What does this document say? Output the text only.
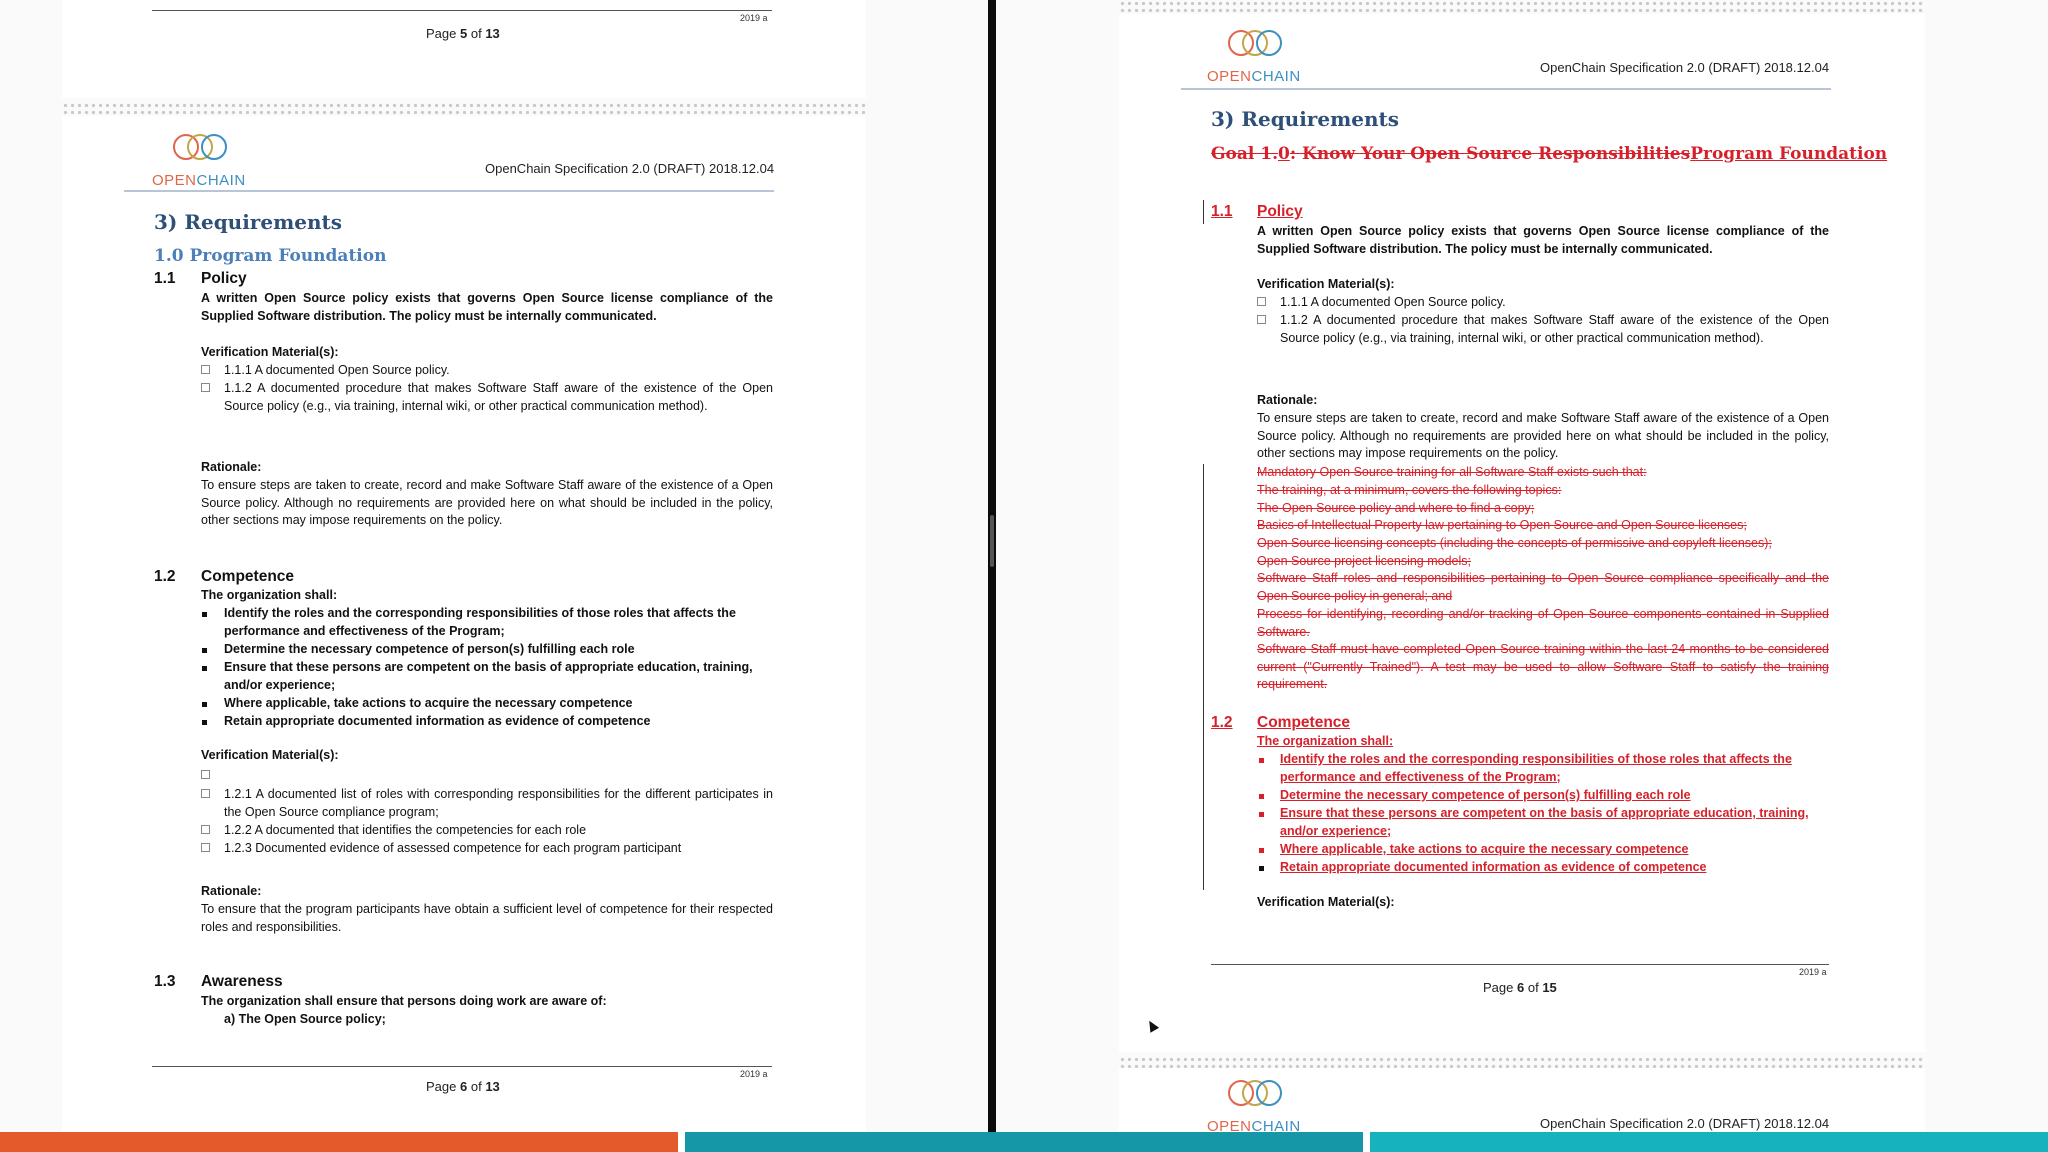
2019 a
Page 5 of 13
OPENCHAIN
OpenChain Specification 2.0 (DRAFT) 2018.12.04
3) Requirements
1.0 Program Foundation
1.1 Policy
A written Open Source policy exists that governs Open Source license compliance of the Supplied Software distribution. The policy must be internally communicated.
Verification Material(s):
1.1.1 A documented Open Source policy.
1.1.2 A documented procedure that makes Software Staff aware of the existence of the Open Source policy (e.g., via training, internal wiki, or other practical communication method).
Rationale:
To ensure steps are taken to create, record and make Software Staff aware of the existence of a Open Source policy. Although no requirements are provided here on what should be included in the policy, other sections may impose requirements on the policy.
1.2 Competence
The organization shall:
Identify the roles and the corresponding responsibilities of those roles that affects the performance and effectiveness of the Program;
Determine the necessary competence of person(s) fulfilling each role
Ensure that these persons are competent on the basis of appropriate education, training, and/or experience;
Where applicable, take actions to acquire the necessary competence
Retain appropriate documented information as evidence of competence
Verification Material(s):
1.2.1 A documented list of roles with corresponding responsibilities for the different participates in the Open Source compliance program;
1.2.2 A documented that identifies the competencies for each role
1.2.3 Documented evidence of assessed competence for each program participant
Rationale:
To ensure that the program participants have obtain a sufficient level of competence for their respected roles and responsibilities.
1.3 Awareness
The organization shall ensure that persons doing work are aware of:
a) The Open Source policy;
2019 a
Page 6 of 13
OPENCHAIN
OpenChain Specification 2.0 (DRAFT) 2018.12.04
3) Requirements
Goal 1.0: Know Your Open Source ResponsibilitiesProgram Foundation
1.1 Policy
A written Open Source policy exists that governs Open Source license compliance of the Supplied Software distribution. The policy must be internally communicated.
Verification Material(s):
1.1.1 A documented Open Source policy.
1.1.2 A documented procedure that makes Software Staff aware of the existence of the Open Source policy (e.g., via training, internal wiki, or other practical communication method).
Rationale:
To ensure steps are taken to create, record and make Software Staff aware of the existence of a Open Source policy. Although no requirements are provided here on what should be included in the policy, other sections may impose requirements on the policy.
Mandatory Open Source training for all Software Staff exists such that:
The training, at a minimum, covers the following topics:
The Open Source policy and where to find a copy;
Basics of Intellectual Property law pertaining to Open Source and Open Source licenses;
Open Source licensing concepts (including the concepts of permissive and copyleft licenses);
Open Source project licensing models;
Software Staff roles and responsibilities pertaining to Open Source compliance specifically and the Open Source policy in general; and
Process for identifying, recording and/or tracking of Open Source components contained in Supplied Software.
Software Staff must have completed Open Source training within the last 24 months to be considered current ("Currently Trained"). A test may be used to allow Software Staff to satisfy the training requirement.
1.2 Competence
The organization shall:
Identify the roles and the corresponding responsibilities of those roles that affects the performance and effectiveness of the Program;
Determine the necessary competence of person(s) fulfilling each role
Ensure that these persons are competent on the basis of appropriate education, training, and/or experience;
Where applicable, take actions to acquire the necessary competence
Retain appropriate documented information as evidence of competence
Verification Material(s):
2019 a
Page 6 of 15
OPENCHAIN	OpenChain Specification 2.0 (DRAFT) 2018.12.04
